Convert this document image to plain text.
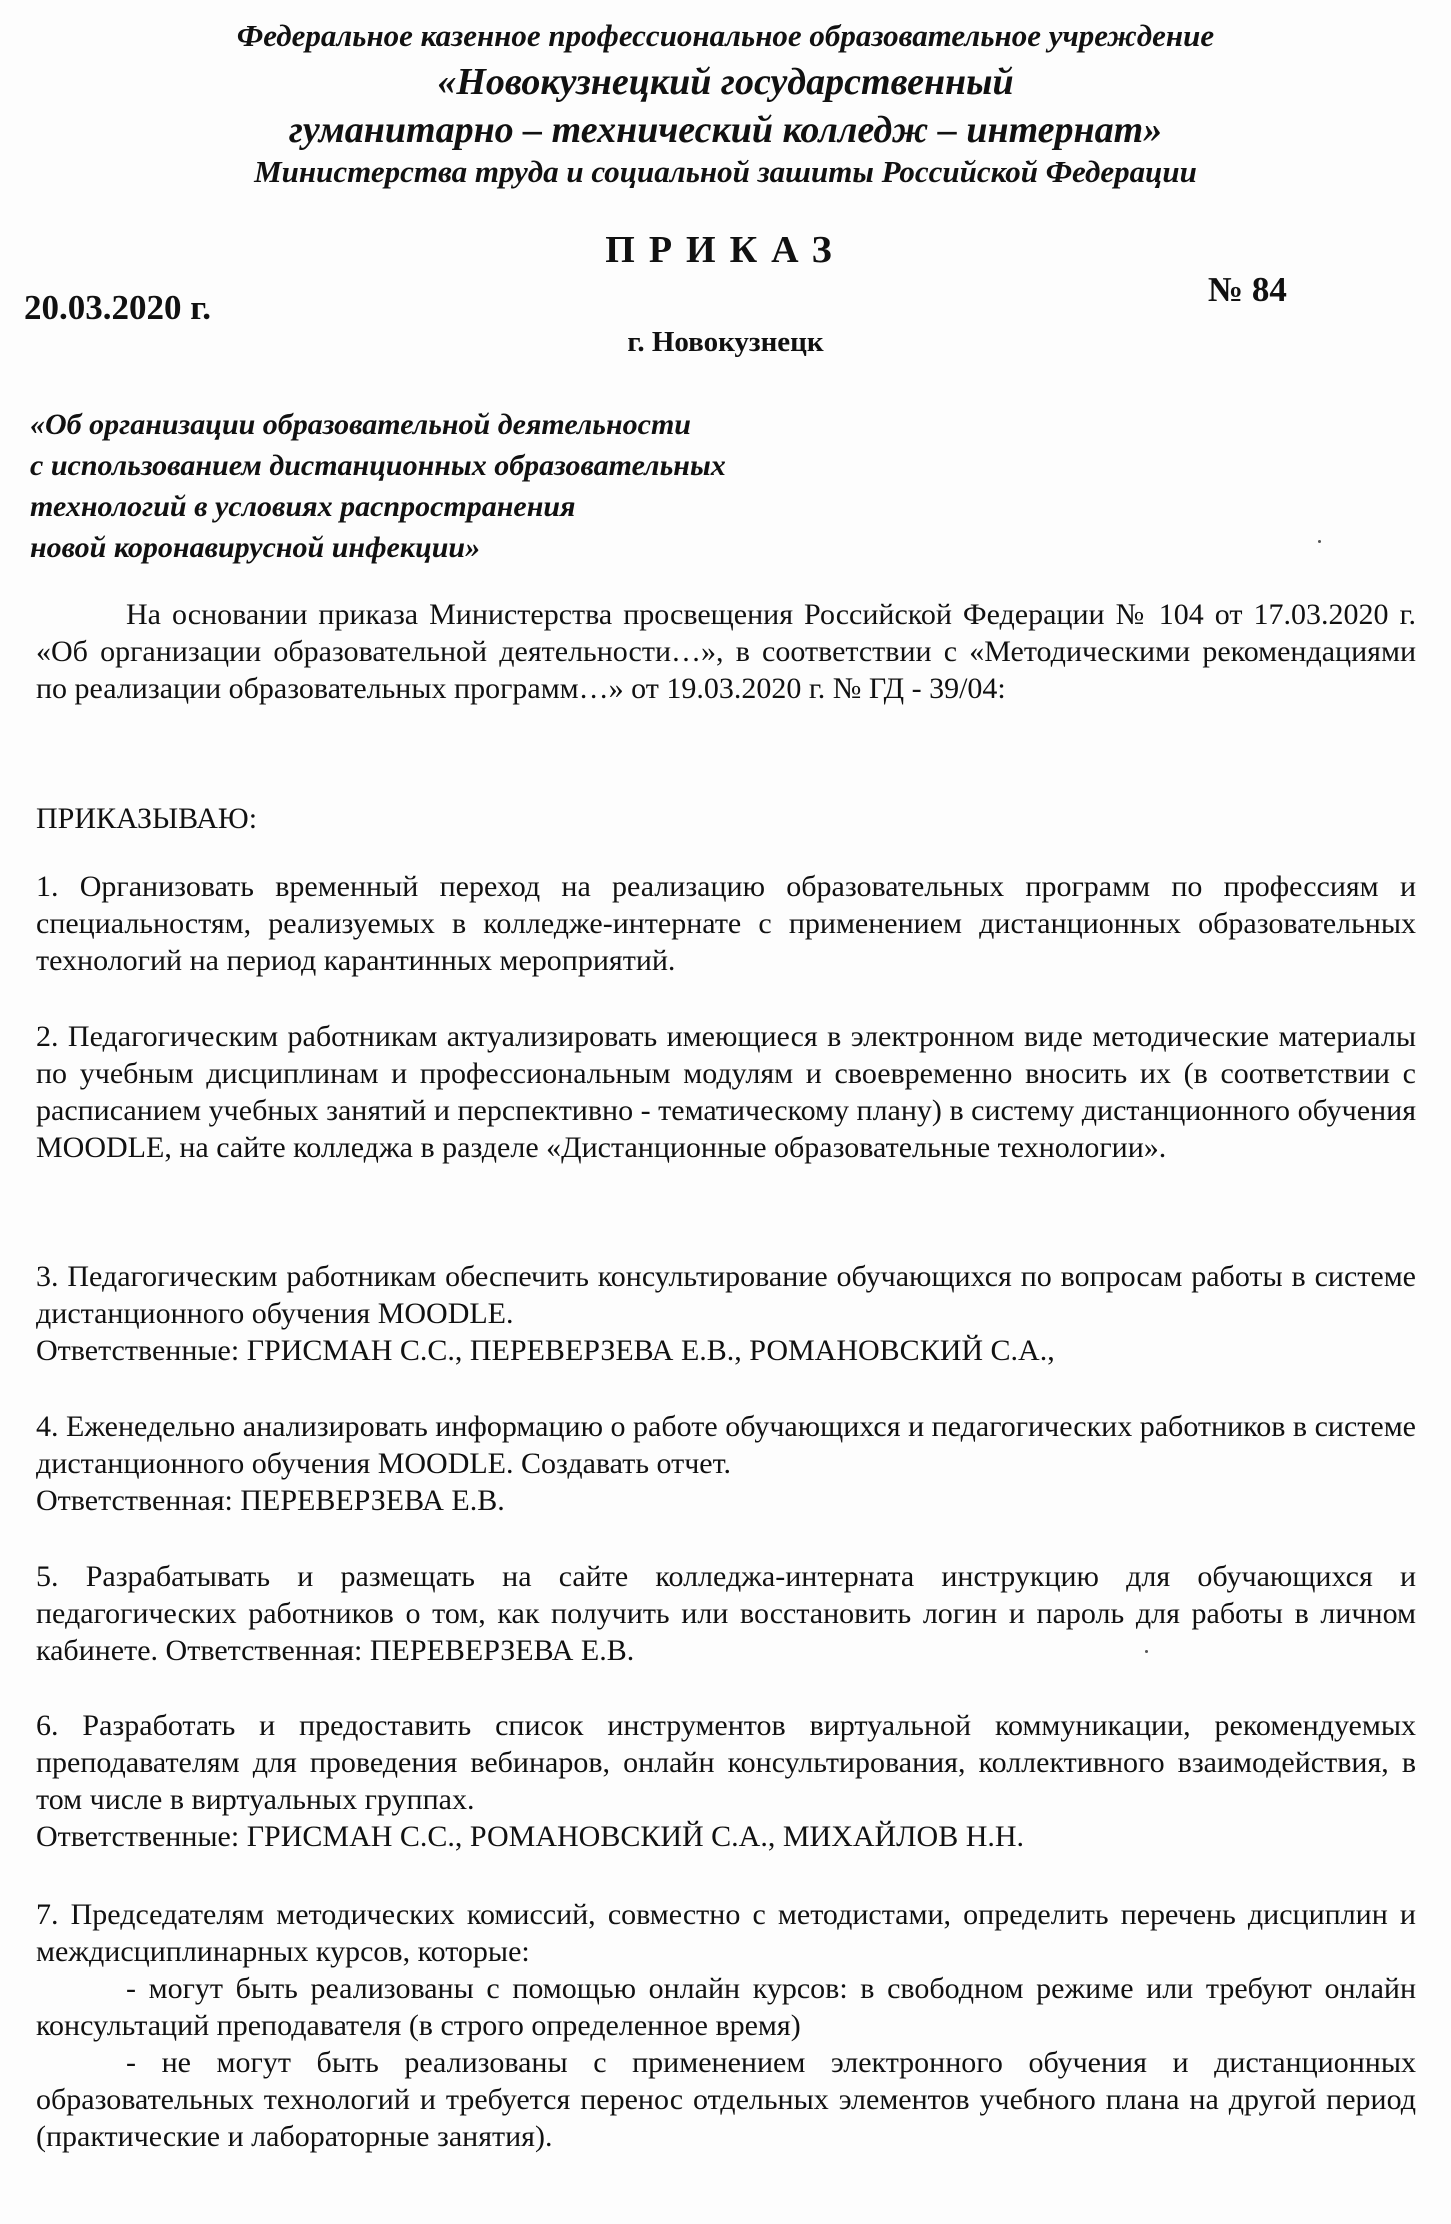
Федеральное казенное профессиональное образовательное учреждение
«Новокузнецкий государственный
гуманитарно – технический колледж – интернат»
Министерства труда и социальной зашиты Российской Федерации
ПРИКАЗ
20.03.2020 г.	№ 84
г. Новокузнецк
«Об организации образовательной деятельности
с использованием дистанционных образовательных
технологий в условиях распространения
новой коронавирусной инфекции»
На основании приказа Министерства просвещения Российской Федерации № 104 от 17.03.2020 г. «Об организации образовательной деятельности…», в соответствии с «Методическими рекомендациями по реализации образовательных программ…» от 19.03.2020 г. № ГД - 39/04:
ПРИКАЗЫВАЮ:
1. Организовать временный переход на реализацию образовательных программ по профессиям и специальностям, реализуемых в колледже-интернате с применением дистанционных образовательных технологий на период карантинных мероприятий.
2. Педагогическим работникам актуализировать имеющиеся в электронном виде методические материалы по учебным дисциплинам и профессиональным модулям и своевременно вносить их (в соответствии с расписанием учебных занятий и перспективно - тематическому плану) в систему дистанционного обучения MOODLE, на сайте колледжа в разделе «Дистанционные образовательные технологии».
3. Педагогическим работникам обеспечить консультирование обучающихся по вопросам работы в системе дистанционного обучения MOODLE.
Ответственные: ГРИСМАН С.С., ПЕРЕВЕРЗЕВА Е.В., РОМАНОВСКИЙ С.А.,
4. Еженедельно анализировать информацию о работе обучающихся и педагогических работников в системе дистанционного обучения MOODLE. Создавать отчет.
Ответственная: ПЕРЕВЕРЗЕВА Е.В.
5. Разрабатывать и размещать на сайте колледжа-интерната инструкцию для обучающихся и педагогических работников о том, как получить или восстановить логин и пароль для работы в личном кабинете. Ответственная: ПЕРЕВЕРЗЕВА Е.В.
6. Разработать и предоставить список инструментов виртуальной коммуникации, рекомендуемых преподавателям для проведения вебинаров, онлайн консультирования, коллективного взаимодействия, в том числе в виртуальных группах.
Ответственные: ГРИСМАН С.С., РОМАНОВСКИЙ С.А., МИХАЙЛОВ Н.Н.
7. Председателям методических комиссий, совместно с методистами, определить перечень дисциплин и междисциплинарных курсов, которые:
- могут быть реализованы с помощью онлайн курсов: в свободном режиме или требуют онлайн консультаций преподавателя (в строго определенное время)
- не могут быть реализованы с применением электронного обучения и дистанционных образовательных технологий и требуется перенос отдельных элементов учебного плана на другой период (практические и лабораторные занятия).
